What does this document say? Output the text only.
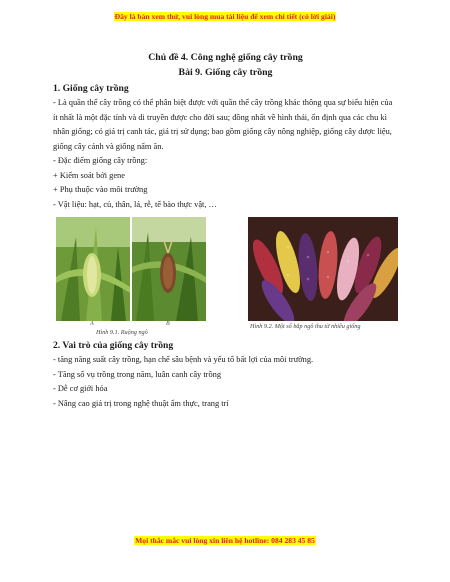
Đây là bản xem thử, vui lòng mua tài liệu để xem chi tiết (có lời giải)
Chủ đề 4. Công nghệ giống cây trồng
Bài 9. Giống cây trồng
1. Giống cây trồng

- Là quần thể cây trồng có thể phân biệt được với quần thể cây trồng khác thông qua sự biểu hiện của ít nhất là một đặc tính và di truyền được cho đời sau; đồng nhất về hình thái, ổn định qua các chu kì nhân giống; có giá trị canh tác, giá trị sử dụng; bao gồm giống cây nông nghiệp, giống cây dược liệu, giống cây cảnh và giống nấm ăn.

- Đặc điểm giống cây trồng:

+ Kiểm soát bởi gene

+ Phụ thuộc vào môi trường

- Vật liệu: hạt, củ, thân, lá, rễ, tế bào thực vật, …

A	B
Hình 9.1. Ruộng ngô
Hình 9.2. Một số bắp ngô thu từ nhiều giống
2. Vai trò của giống cây trồng

- tăng năng suất cây trồng, hạn chế sâu bệnh và yếu tố bất lợi của môi trường.

- Tăng số vụ trồng trong năm, luân canh cây trồng

- Dễ cơ giới hóa

- Nâng cao giá trị trong nghệ thuật ẩm thực, trang trí

Mọi thắc mắc vui lòng xin liên hệ hotline: 084 283 45 85
